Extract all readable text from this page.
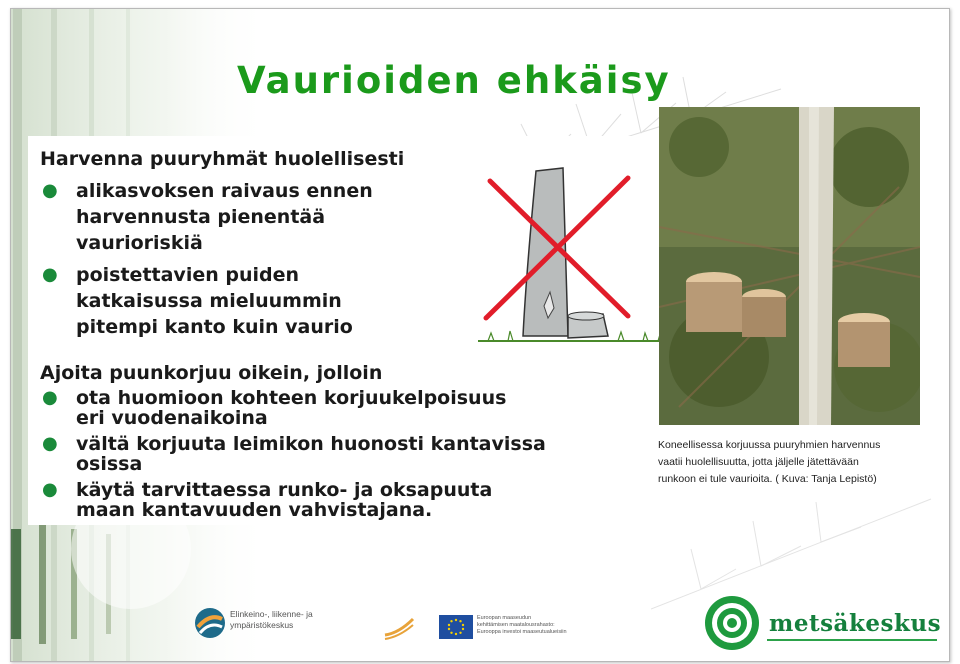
Vaurioiden ehkäisy
Harvenna puuryhmät huolellisesti
● alikasvoksen raivaus ennen
harvennusta pienentää
vaurioriskiä
● poistettavien puiden
katkaisussa mieluummin
pitempi kanto kuin vaurio
Ajoita puunkorjuu oikein, jolloin
● ota huomioon kohteen korjuukelpoisuus
eri vuodenaikoina
● vältä korjuuta leimikon huonosti kantavissa
osissa
● käytä tarvittaessa runko- ja oksapuuta
maan kantavuuden vahvistajana.

Koneellisessa korjuussa puuryhmien harvennus
vaatii huolellisuutta, jotta jäljelle jätettävään
runkoon ei tule vaurioita. ( Kuva: Tanja Lepistö)

Elinkeino-, liikenne- ja
ympäristökeskus
Euroopan maaseudun
kehittämisen maatalousrahasto:
Eurooppa investoi maaseutualueisiin	metsäkeskus
